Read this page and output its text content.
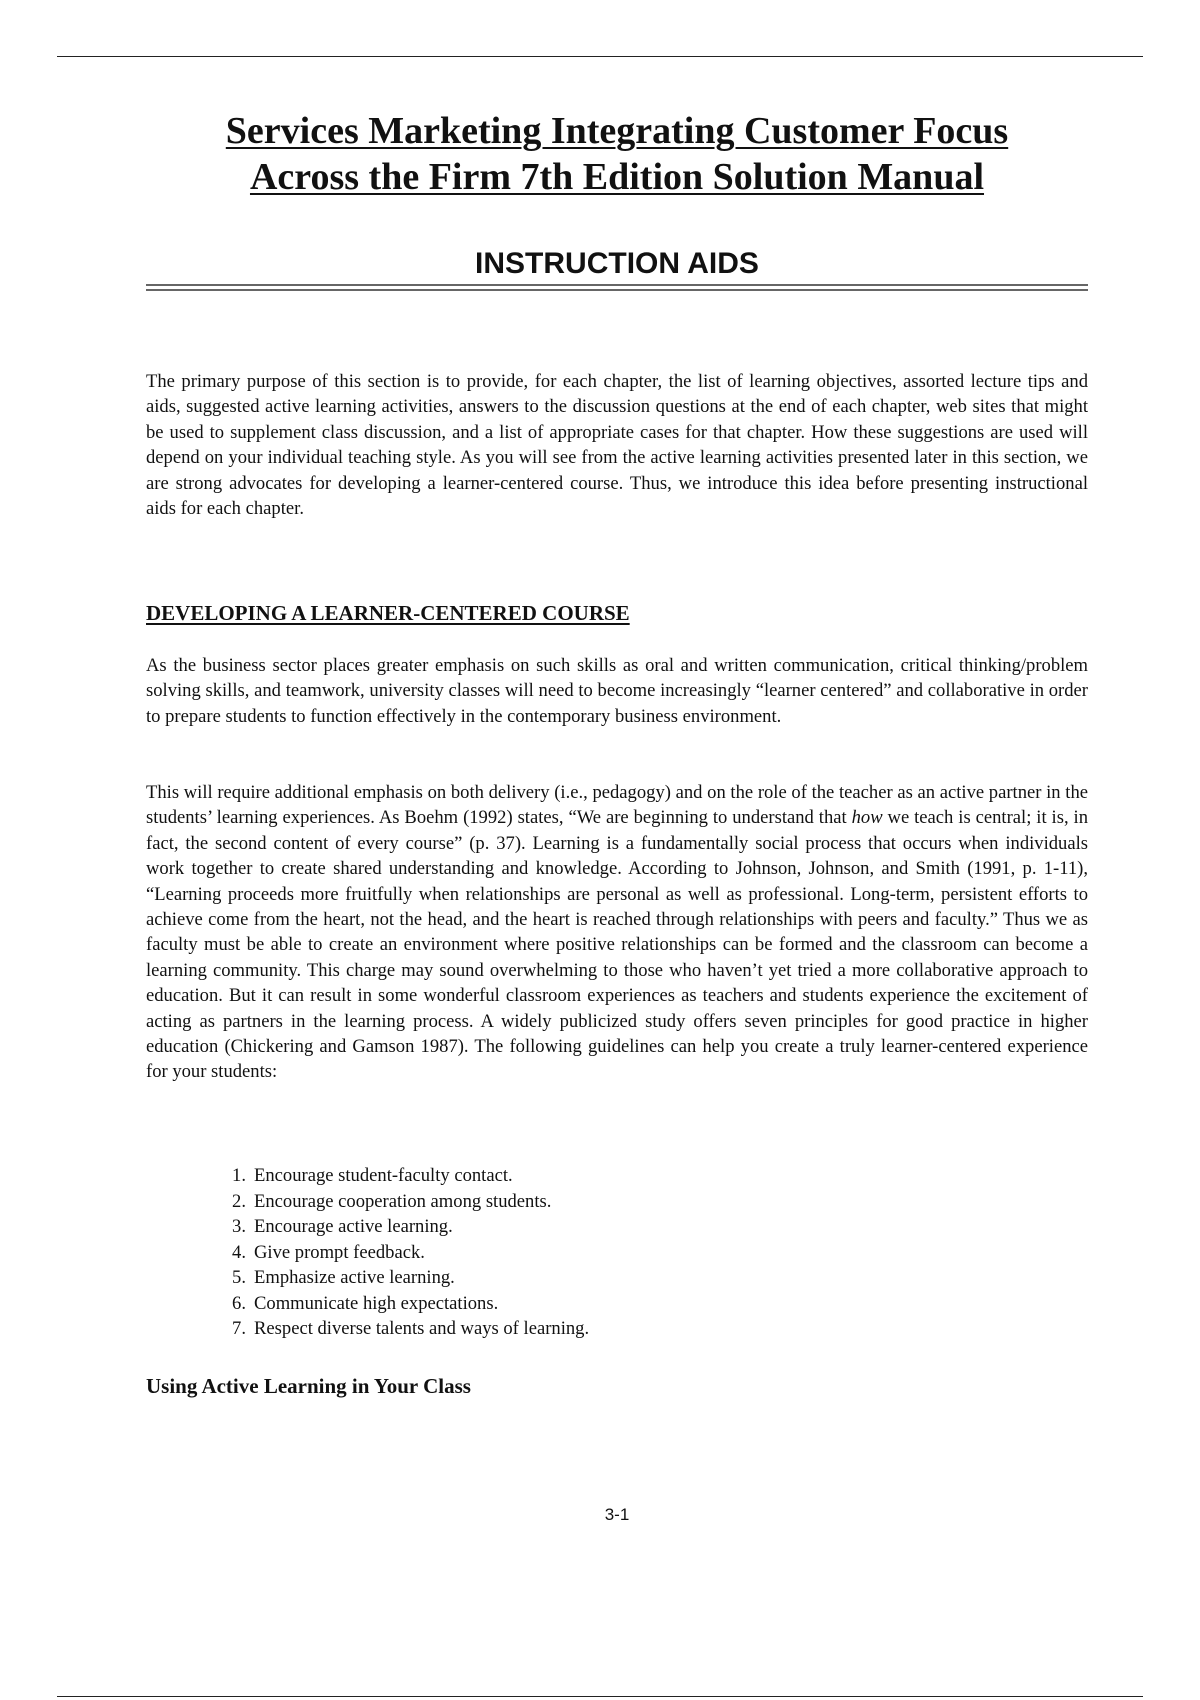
Services Marketing Integrating Customer Focus
Across the Firm 7th Edition Solution Manual
INSTRUCTION AIDS

The primary purpose of this section is to provide, for each chapter, the list of learning objectives, assorted lecture tips and aids, suggested active learning activities, answers to the discussion questions at the end of each chapter, web sites that might be used to supplement class discussion, and a list of appropriate cases for that chapter. How these suggestions are used will depend on your individual teaching style. As you will see from the active learning activities presented later in this section, we are strong advocates for developing a learner-centered course. Thus, we introduce this idea before presenting instructional aids for each chapter.

DEVELOPING A LEARNER-CENTERED COURSE

As the business sector places greater emphasis on such skills as oral and written communication, critical thinking/problem solving skills, and teamwork, university classes will need to become increasingly “learner centered” and collaborative in order to prepare students to function effectively in the contemporary business environment.

This will require additional emphasis on both delivery (i.e., pedagogy) and on the role of the teacher as an active partner in the students’ learning experiences. As Boehm (1992) states, “We are beginning to understand that how we teach is central; it is, in fact, the second content of every course” (p. 37). Learning is a fundamentally social process that occurs when individuals work together to create shared understanding and knowledge. According to Johnson, Johnson, and Smith (1991, p. 1-11), “Learning proceeds more fruitfully when relationships are personal as well as professional. Long-term, persistent efforts to achieve come from the heart, not the head, and the heart is reached through relationships with peers and faculty.” Thus we as faculty must be able to create an environment where positive relationships can be formed and the classroom can become a learning community. This charge may sound overwhelming to those who haven’t yet tried a more collaborative approach to education. But it can result in some wonderful classroom experiences as teachers and students experience the excitement of acting as partners in the learning process. A widely publicized study offers seven principles for good practice in higher education (Chickering and Gamson 1987). The following guidelines can help you create a truly learner-centered experience for your students:

1. Encourage student-faculty contact.
2. Encourage cooperation among students.
3. Encourage active learning.
4. Give prompt feedback.
5. Emphasize active learning.
6. Communicate high expectations.
7. Respect diverse talents and ways of learning.
Using Active Learning in Your Class

3-1
